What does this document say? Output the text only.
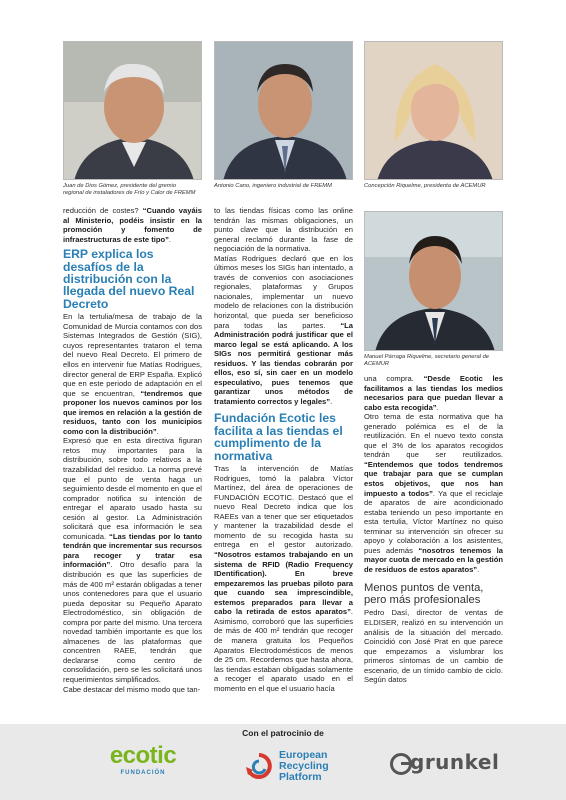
Juan de Dios Gómez, presidente del gremio
regional de instaladores de Frío y Calor de FREMM
Antonio Cano, ingeniero industrial de FREMM	Concepción Riquelme, presidenta de ACEMUR
Manuel Párraga Riquelme, secretario general de
ACEMUR

reducción de costes? “Cuando vayáis al Ministerio, podéis insistir en la promoción y fomento de infraestructuras de este tipo”.

ERP explica los desafíos de la distribución con la llegada del nuevo Real Decreto

En la tertulia/mesa de trabajo de la Comunidad de Murcia contamos con dos Sistemas Integrados de Gestión (SIG), cuyos representantes trataron el tema del nuevo Real Decreto. El primero de ellos en intervenir fue Matías Rodrigues, director general de ERP España. Explicó que en este periodo de adaptación en el que se encuentran, “tendremos que proponer los nuevos caminos por los que iremos en relación a la gestión de residuos, tanto con los municipios como con la distribución”.

Expresó que en esta directiva figuran retos muy importantes para la distribución, sobre todo relativos a la trazabilidad del residuo. La norma prevé que el punto de venta haga un seguimiento desde el momento en que el comprador notifica su intención de entregar el aparato usado hasta su cesión al gestor. La Administración solicitará que esa información le sea comunicada. “Las tiendas por lo tanto tendrán que incrementar sus recursos para recoger y tratar esa información”. Otro desafío para la distribución es que las superficies de más de 400 m² estarán obligadas a tener unos contenedores para que el usuario pueda depositar su Pequeño Aparato Electrodoméstico, sin obligación de compra por parte del mismo. Una tercera novedad también importante es que los almacenes de las plataformas que concentren RAEE, tendrán que declararse como centro de consolidación, pero se les solicitará unos requerimientos simplificados.

Cabe destacar del mismo modo que tan-

to las tiendas físicas como las online tendrán las mismas obligaciones, un punto clave que la distribución en general reclamó durante la fase de negociación de la normativa.

Matías Rodrigues declaró que en los últimos meses los SIGs han intentado, a través de convenios con asociaciones regionales, plataformas y Grupos nacionales, implementar un nuevo modelo de relaciones con la distribución horizontal, que pueda ser beneficioso para todas las partes. “La Administración podrá justificar que el marco legal se está aplicando. A los SIGs nos permitirá gestionar más residuos. Y las tiendas cobrarán por ellos, eso sí, sin caer en un modelo especulativo, pues tenemos que garantizar unos métodos de tratamiento correctos y legales”.

Fundación Ecotic les facilita a las tiendas el cumplimento de la normativa

Tras la intervención de Matías Rodrigues, tomó la palabra Víctor Martínez, del área de operaciones de FUNDACIÓN ECOTIC. Destacó que el nuevo Real Decreto indica que los RAEEs van a tener que ser etiquetados y mantener la trazabilidad desde el momento de su recogida hasta su entrega en el gestor autorizado. “Nosotros estamos trabajando en un sistema de RFID (Radio Frequency IDentification). En breve empezaremos las pruebas piloto para que cuando sea imprescindible, estemos preparados para llevar a cabo la retirada de estos aparatos”. Asimismo, corroboró que las superficies de más de 400 m² tendrán que recoger de manera gratuita los Pequeños Aparatos Electrodomésticos de menos de 25 cm. Recordemos que hasta ahora, las tiendas estaban obligadas solamente a recoger el aparato usado en el momento en el que el usuario hacía

una compra. “Desde Ecotic les facilitamos a las tiendas los medios necesarios para que puedan llevar a cabo esta recogida”.

Otro tema de esta normativa que ha generado polémica es el de la reutilización. En el nuevo texto consta que el 3% de los aparatos recogidos tendrán que ser reutilizados. “Entendemos que todos tendremos que trabajar para que se cumplan estos objetivos, que nos han impuesto a todos”. Ya que el reciclaje de aparatos de aire acondicionado estaba teniendo un peso importante en esta tertulia, Víctor Martínez no quiso terminar su intervención sin ofrecer su apoyo y colaboración a los asistentes, pues además “nosotros tenemos la mayor cuota de mercado en la gestión de residuos de estos aparatos”.

Menos puntos de venta, pero más profesionales

Pedro Dasí, director de ventas de ELDISER, realizó en su intervención un análisis de la situación del mercado. Coincidió con José Prat en que parece que empezamos a vislumbrar los primeros síntomas de un cambio de escenario, de un tímido cambio de ciclo. Según datos

Con el patrocinio de
ecotic
FUNDACIÓN
European
Recycling
Platform
grunkel
